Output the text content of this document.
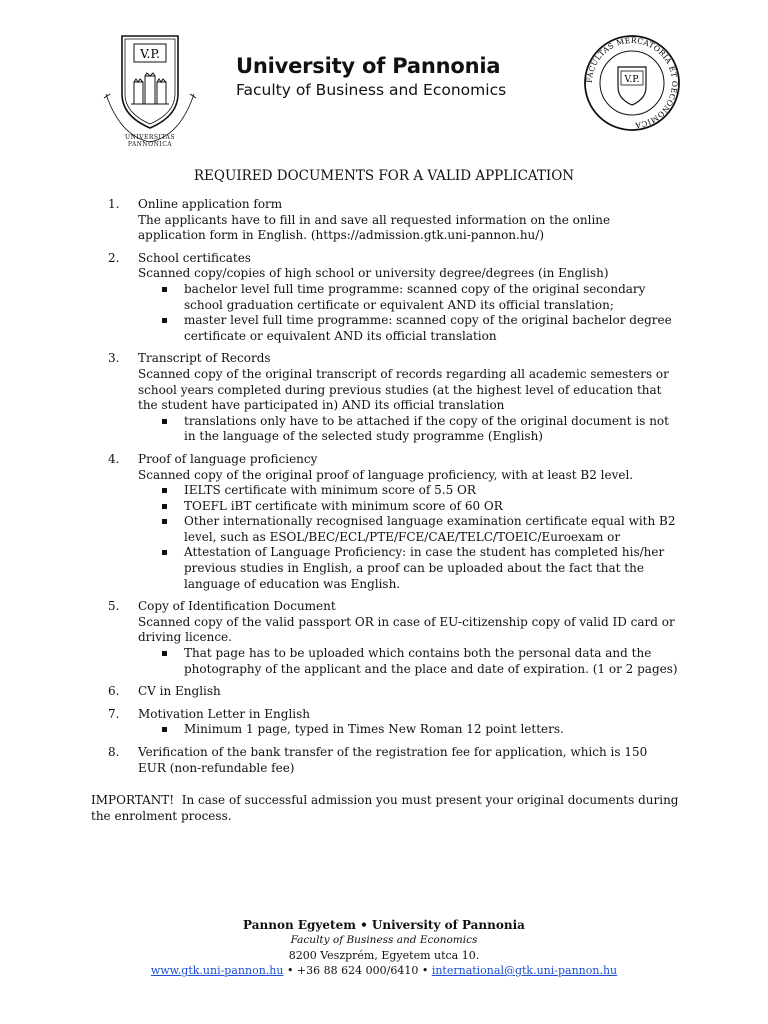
V.P.
UNIVERSITAS PANNONICA
University of Pannonia
Faculty of Business and Economics
V.P.
FACULTAS MERCATORIA ET OECONOMICA
REQUIRED DOCUMENTS FOR A VALID APPLICATION
1. Online application form
The applicants have to fill in and save all requested information on the online application form in English. (https://admission.gtk.uni-pannon.hu/)
2. School certificates
Scanned copy/copies of high school or university degree/degrees (in English)
bachelor level full time programme: scanned copy of the original secondary school graduation certificate or equivalent AND its official translation;
master level full time programme: scanned copy of the original bachelor degree certificate or equivalent AND its official translation
3. Transcript of Records
Scanned copy of the original transcript of records regarding all academic semesters or school years completed during previous studies (at the highest level of education that the student have participated in) AND its official translation
translations only have to be attached if the copy of the original document is not in the language of the selected study programme (English)
4. Proof of language proficiency
Scanned copy of the original proof of language proficiency, with at least B2 level.
IELTS certificate with minimum score of 5.5 OR
TOEFL iBT certificate with minimum score of 60 OR
Other internationally recognised language examination certificate equal with B2 level, such as ESOL/BEC/ECL/PTE/FCE/CAE/TELC/TOEIC/Euroexam or
Attestation of Language Proficiency: in case the student has completed his/her previous studies in English, a proof can be uploaded about the fact that the language of education was English.
5. Copy of Identification Document
Scanned copy of the valid passport OR in case of EU-citizenship copy of valid ID card or driving licence.
That page has to be uploaded which contains both the personal data and the photography of the applicant and the place and date of expiration. (1 or 2 pages)
6. CV in English
7. Motivation Letter in English
Minimum 1 page, typed in Times New Roman 12 point letters.
8. Verification of the bank transfer of the registration fee for application, which is 150 EUR (non-refundable fee)
IMPORTANT!  In case of successful admission you must present your original documents during the enrolment process.
Pannon Egyetem • University of Pannonia
Faculty of Business and Economics
8200 Veszprém, Egyetem utca 10.
www.gtk.uni-pannon.hu • +36 88 624 000/6410 • international@gtk.uni-pannon.hu
